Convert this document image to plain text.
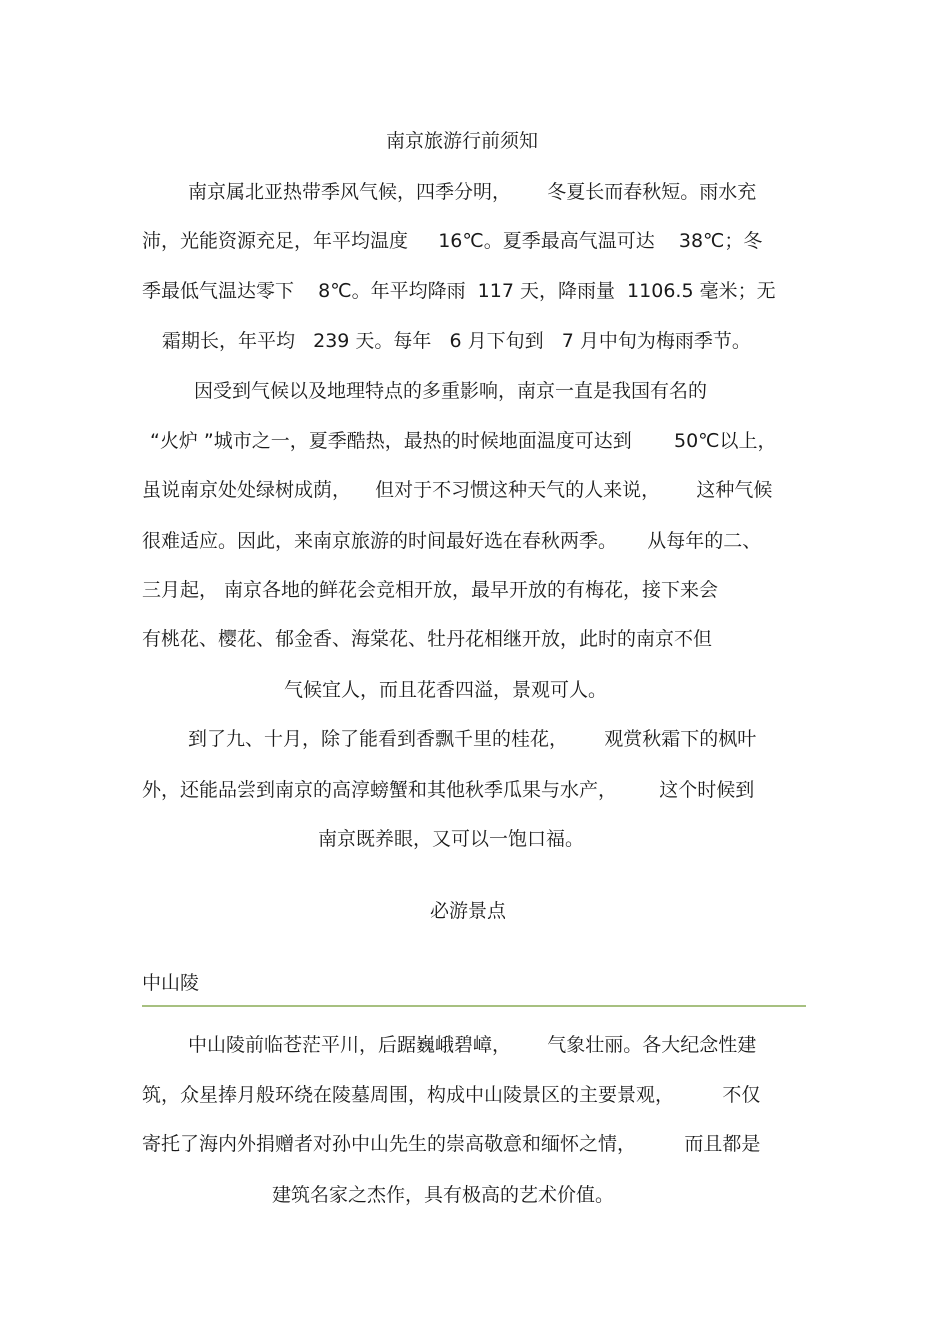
南京旅游行前须知

南京属北亚热带季风气候，四季分明，      冬夏长而春秋短。雨水充

沛，光能资源充足，年平均温度     16℃。夏季最高气温可达    38℃；冬

季最低气温达零下    8℃。年平均降雨  117 天，降雨量  1106.5 毫米；无

霜期长，年平均   239 天。每年   6 月下旬到   7 月中旬为梅雨季节。

因受到气候以及地理特点的多重影响，南京一直是我国有名的

“火炉 ”城市之一，夏季酷热，最热的时候地面温度可达到       50℃以上，

虽说南京处处绿树成荫，    但对于不习惯这种天气的人来说，      这种气候

很难适应。因此，来南京旅游的时间最好选在春秋两季。     从每年的二、

三月起， 南京各地的鲜花会竞相开放，最早开放的有梅花，接下来会

有桃花、樱花、郁金香、海棠花、牡丹花相继开放，此时的南京不但

气候宜人，而且花香四溢，景观可人。

到了九、十月，除了能看到香飘千里的桂花，      观赏秋霜下的枫叶

外，还能品尝到南京的高淳螃蟹和其他秋季瓜果与水产，       这个时候到

南京既养眼，又可以一饱口福。

必游景点
中山陵

中山陵前临苍茫平川，后踞巍峨碧嶂，      气象壮丽。各大纪念性建

筑，众星捧月般环绕在陵墓周围，构成中山陵景区的主要景观，        不仅

寄托了海内外捐赠者对孙中山先生的崇高敬意和缅怀之情，        而且都是

建筑名家之杰作，具有极高的艺术价值。
